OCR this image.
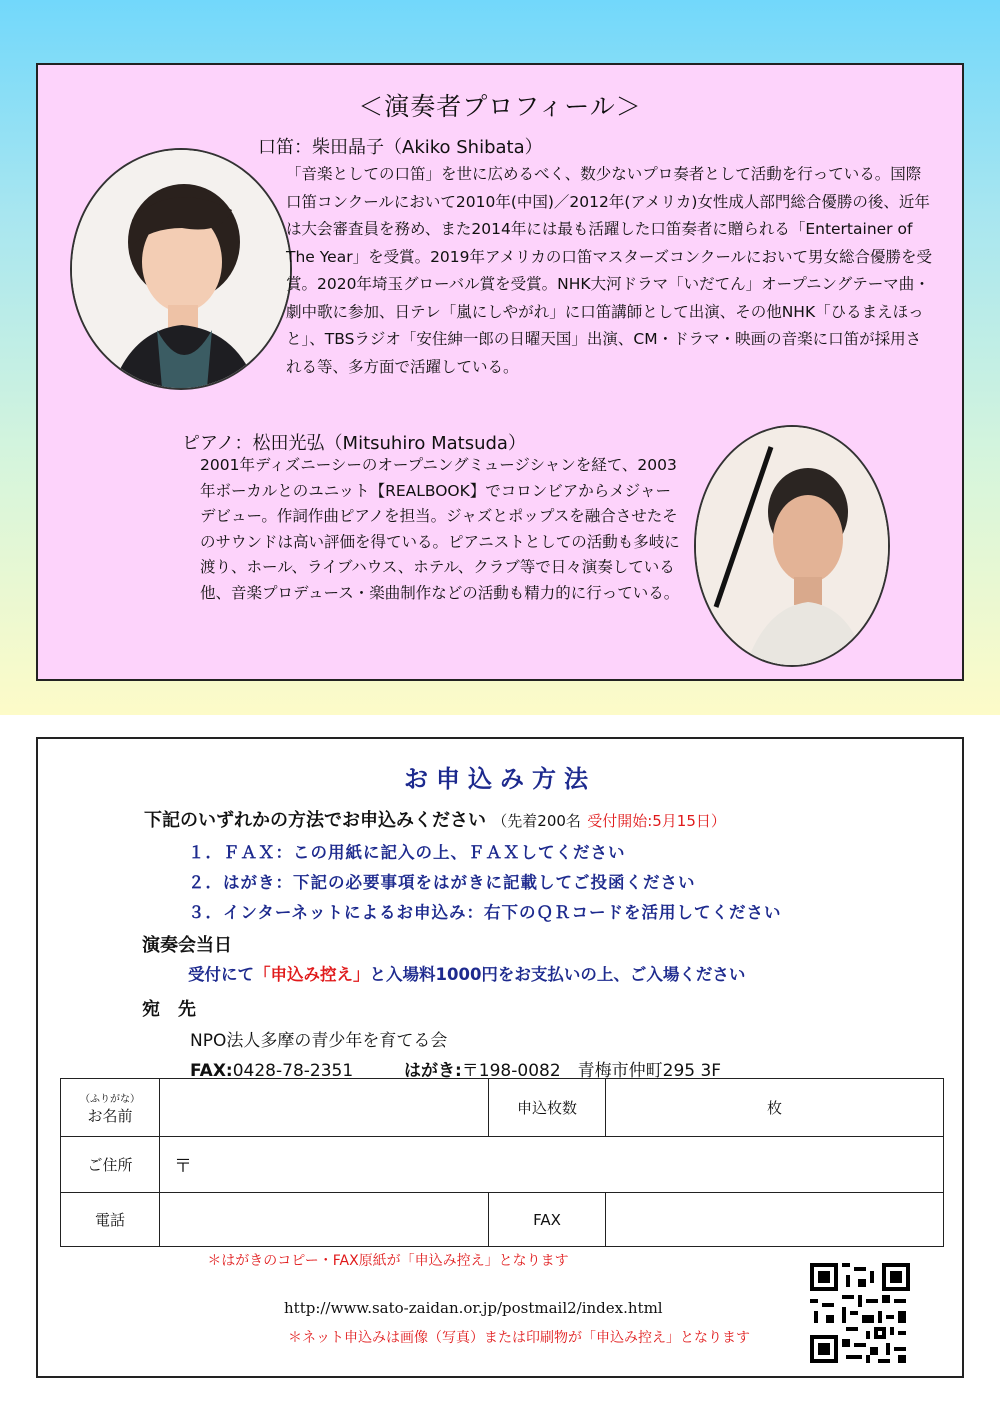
＜演奏者プロフィール＞
口笛：柴田晶子（Akiko Shibata）
「音楽としての口笛」を世に広めるべく、数少ないプロ奏者として活動を行っている。国際口笛コンクールにおいて2010年(中国)／2012年(アメリカ)女性成人部門総合優勝の後、近年は大会審査員を務め、また2014年には最も活躍した口笛奏者に贈られる「Entertainer of The Year」を受賞。2019年アメリカの口笛マスターズコンクールにおいて男女総合優勝を受賞。2020年埼玉グローバル賞を受賞。NHK大河ドラマ「いだてん」オープニングテーマ曲・劇中歌に参加、日テレ「嵐にしやがれ」に口笛講師として出演、その他NHK「ひるまえほっと」、TBSラジオ「安住紳一郎の日曜天国」出演、CM・ドラマ・映画の音楽に口笛が採用される等、多方面で活躍している。
ピアノ：松田光弘（Mitsuhiro Matsuda）
2001年ディズニーシーのオープニングミュージシャンを経て、2003年ボーカルとのユニット【REALBOOK】でコロンビアからメジャーデビュー。作詞作曲ピアノを担当。ジャズとポップスを融合させたそのサウンドは高い評価を得ている。ピアニストとしての活動も多岐に渡り、ホール、ライブハウス、ホテル、クラブ等で日々演奏している他、音楽プロデュース・楽曲制作などの活動も精力的に行っている。
お申込み方法
下記のいずれかの方法でお申込みください （先着200名 受付開始:5月15日）
１．ＦＡＸ：この用紙に記入の上、ＦＡＸしてください
２．はがき：下記の必要事項をはがきに記載してご投函ください
３．インターネットによるお申込み：右下のＱＲコードを活用してください
演奏会当日
受付にて「申込み控え」と入場料1000円をお支払いの上、ご入場ください
宛　先
NPO法人多摩の青少年を育てる会
FAX:0428-78-2351	はがき:〒198-0082　青梅市仲町295 3F
（ふりがな）
お名前		申込枚数	枚
ご住所	〒		
電話		FAX	
＊はがきのコピー・FAX原紙が「申込み控え」となります
http://www.sato-zaidan.or.jp/postmail2/index.html
＊ネット申込みは画像（写真）または印刷物が「申込み控え」となります
